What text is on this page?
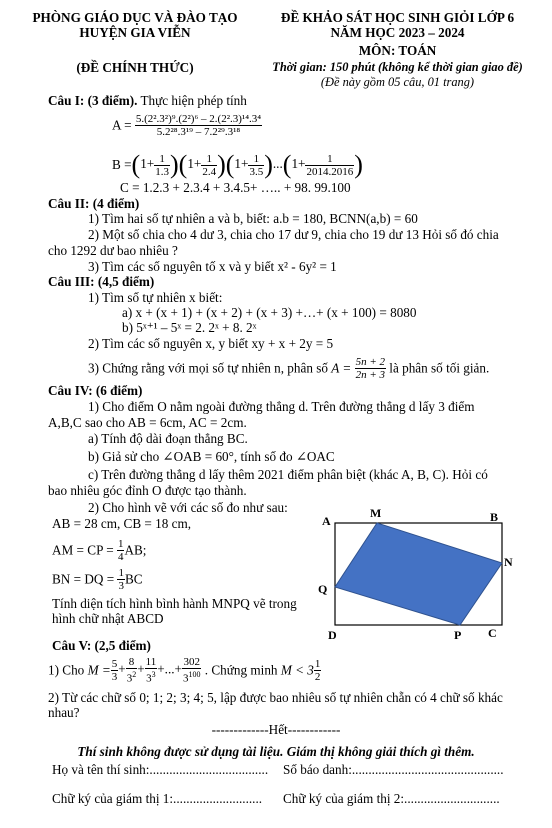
PHÒNG GIÁO DỤC VÀ ĐÀO TẠO
HUYỆN GIA VIỄN
(ĐỀ CHÍNH THỨC)
ĐỀ KHẢO SÁT HỌC SINH GIỎI LỚP 6
NĂM HỌC 2023 – 2024
MÔN: TOÁN
Thời gian: 150 phút (không kể thời gian giao đề)
(Đề này gồm 05 câu, 01 trang)
Câu I: (3 điểm). Thực hiện phép tính
$A = \frac{\text{5.(2².3²)⁹.(2²)⁶ – 2.(2².3)¹⁴.3⁴}}{\text{5.2²⁸.3¹⁹ – 7.2²⁹.3¹⁸}}$
$B =(1+ \frac{1}{1.3} )(1+ \frac{1}{2.4} )(1+ \frac{1}{3.5} )...(1+ \frac{1}{2014.2016}$ )
C = 1.2.3 + 2.3.4 + 3.4.5+ ….. + 98. 99.100
Câu II: (4 điểm)
1) Tìm hai số tự nhiên a và b, biết: a.b = 180, BCNN(a,b) = 60
2) Một số chia cho 4 dư 3, chia cho 17 dư 9, chia cho 19 dư 13 Hỏi số đó chia
cho 1292 dư bao nhiêu ?
3) Tìm các số nguyên tố x và y biết x² - 6y² = 1
Câu III: (4,5 điểm)
1) Tìm số tự nhiên x biết:
a) x + (x + 1) + (x + 2) + (x + 3) +…+ (x + 100) = 8080
b) 5ˣ⁺¹ – 5ˣ = 2. 2ˣ + 8. 2ˣ
2) Tìm các số nguyên x, y biết xy + x + 2y = 5
3) Chứng rằng với mọi số tự nhiên n, phân số $A = \frac{5n + 2}{2n + 3}$ là phân số tối giản.
Câu IV: (6 điểm)
1) Cho điểm O nằm ngoài đường thẳng d. Trên đường thẳng d lấy 3 điểm
A,B,C sao cho AB = 6cm, AC = 2cm.
a) Tính độ dài đoạn thẳng BC.
b) Giả sử cho ∠OAB = 60°, tính số đo ∠OAC
c) Trên đường thẳng d lấy thêm 2021 điểm phân biệt (khác A, B, C). Hỏi có
bao nhiêu góc đỉnh O được tạo thành.
2) Cho hình vẽ với các số đo như sau:
AB = 28 cm, CB = 18 cm,
AM = CP = $\frac{1}{4}$ AB;
BN = DQ = $\frac{1}{3}$ BC
Tính diện tích hình bình hành MNPQ vẽ trong
hình chữ nhật ABCD
A
M	B
N
Q
D	P C
Câu V: (2,5 điểm)
1) Cho $M = \frac{5}{3} + \frac{8}{3^2} + \frac{11}{3^3}$ +...+ $\frac{302}{3^{100}}$ . Chứng minh $M < 3 \frac{1}{2}$
2) Từ các chữ số 0; 1; 2; 3; 4; 5, lập được bao nhiêu số tự nhiên chẵn có 4 chữ số khác
nhau?
-------------Hết------------
Thí sinh không được sử dụng tài liệu. Giám thị không giải thích gì thêm.
Họ và tên thí sinh:.................................... Số báo danh:..............................................
Chữ ký của giám thị 1:........................... Chữ ký của giám thị 2:.............................
